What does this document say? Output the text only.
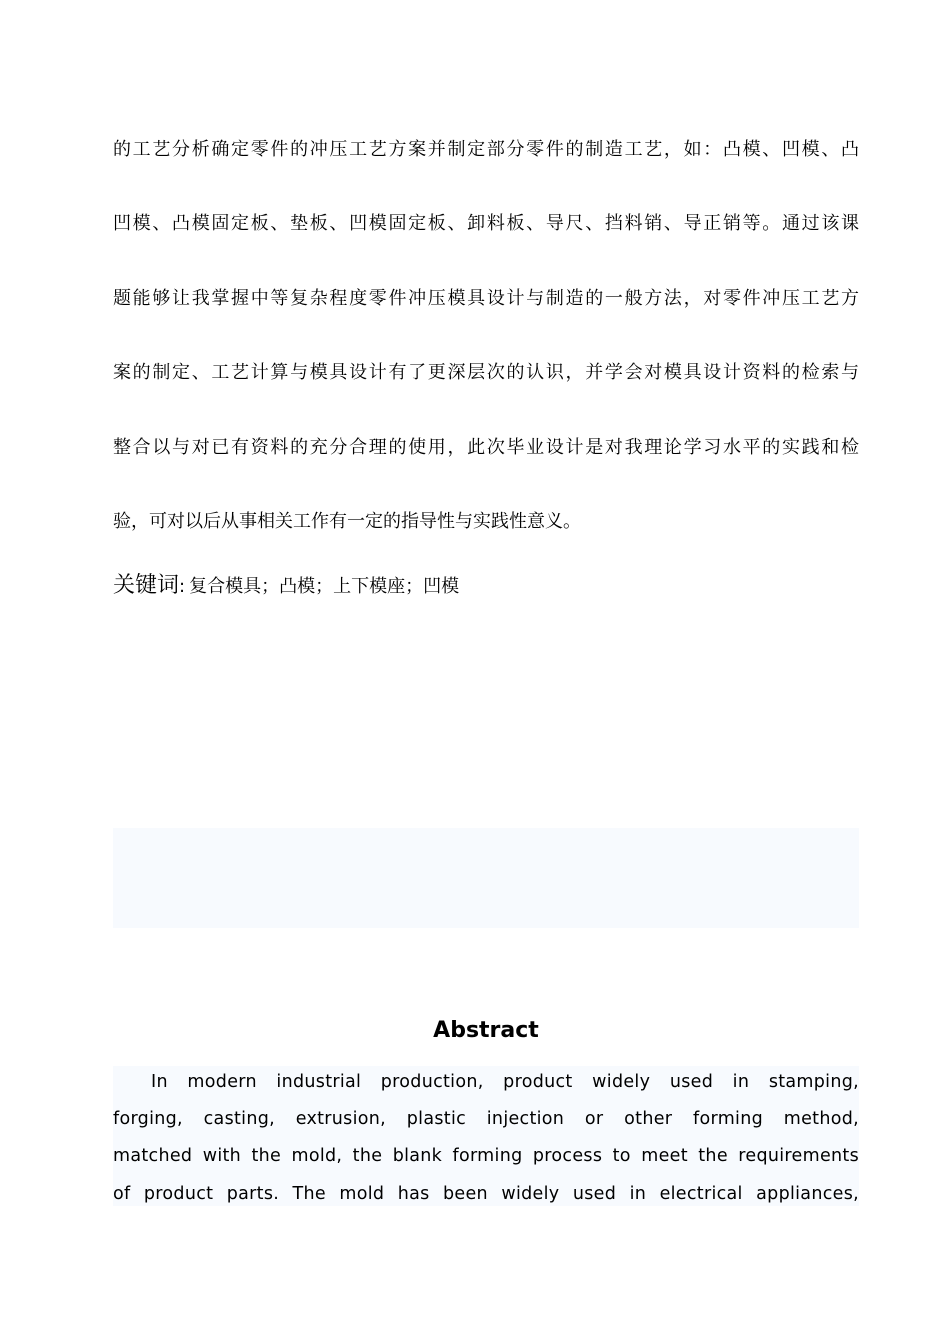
的工艺分析确定零件的冲压工艺方案并制定部分零件的制造工艺，如：凸模、凹模、凸
凹模、凸模固定板、垫板、凹模固定板、卸料板、导尺、挡料销、导正销等。通过该课
题能够让我掌握中等复杂程度零件冲压模具设计与制造的一般方法，对零件冲压工艺方
案的制定、工艺计算与模具设计有了更深层次的认识，并学会对模具设计资料的检索与
整合以与对已有资料的充分合理的使用，此次毕业设计是对我理论学习水平的实践和检
验，可对以后从事相关工作有一定的指导性与实践性意义。
关键词: 复合模具；凸模；上下模座；凹模
Abstract
In modern industrial production, product widely used in stamping,
forging, casting, extrusion, plastic injection or other forming method,
matched with the mold, the blank forming process to meet the requirements
of product parts. The mold has been widely used in electrical appliances,
